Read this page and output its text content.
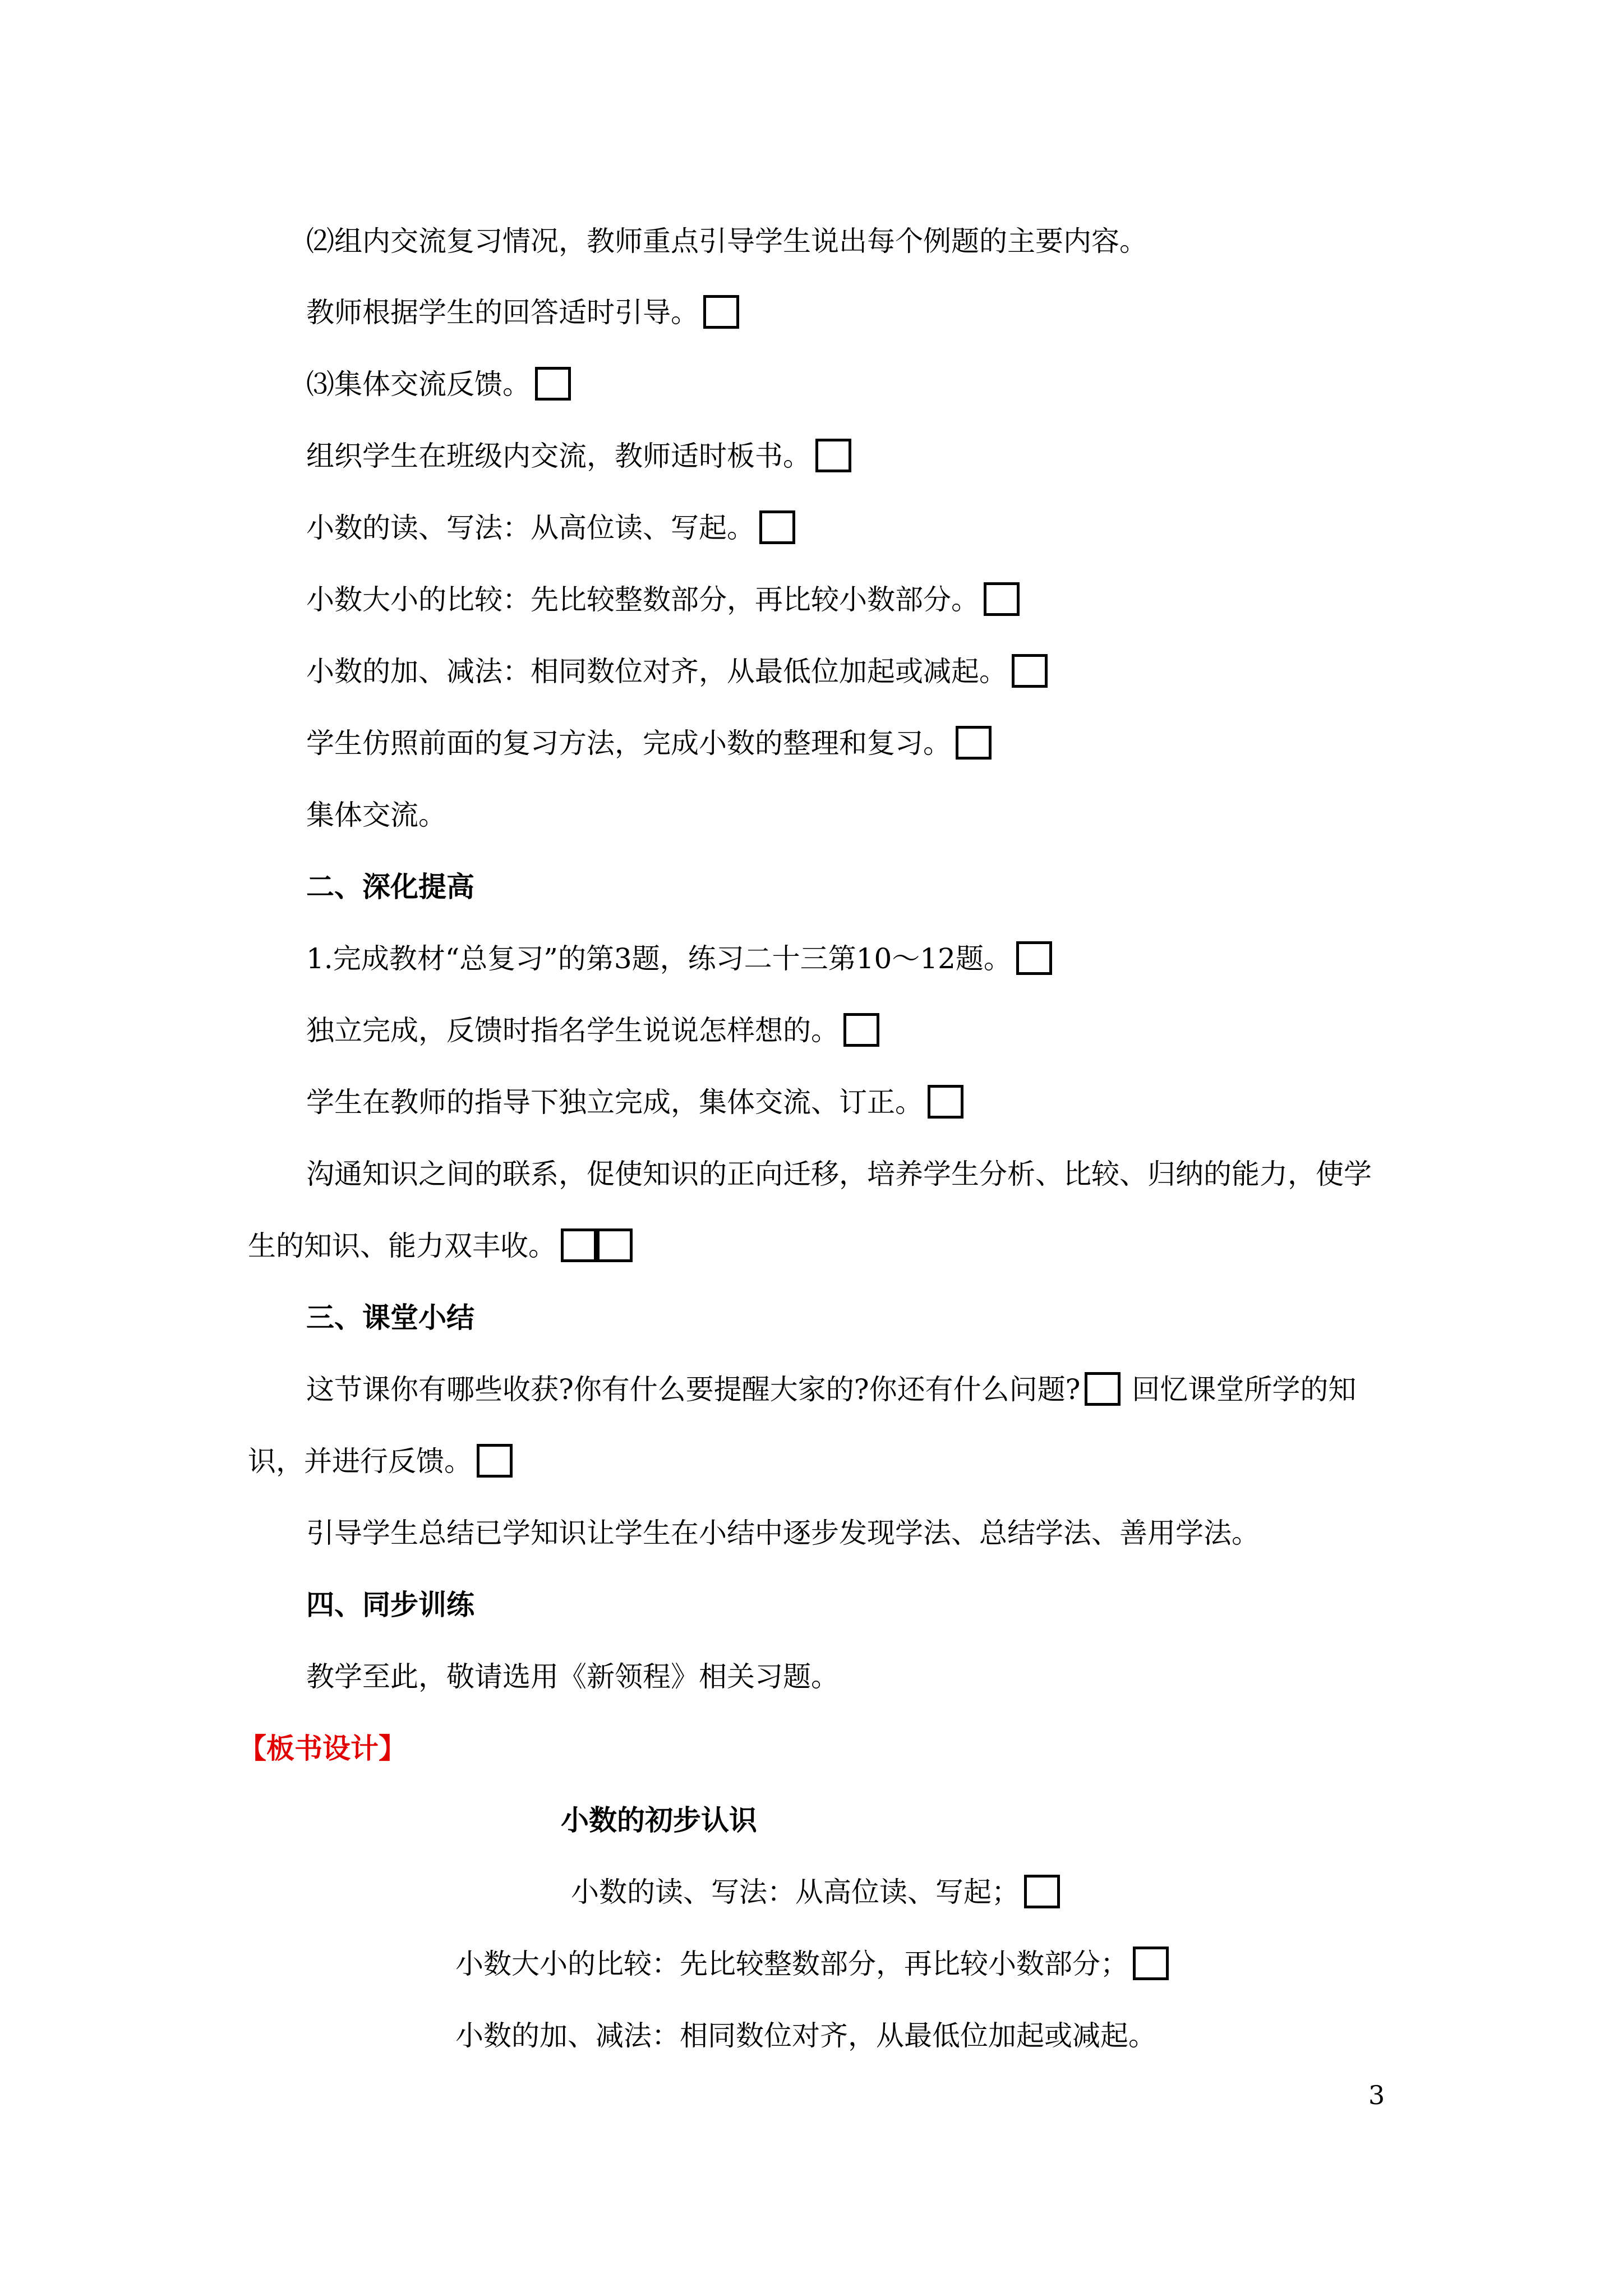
⑵组内交流复习情况，教师重点引导学生说出每个例题的主要内容。
教师根据学生的回答适时引导。
⑶集体交流反馈。
组织学生在班级内交流，教师适时板书。
小数的读、写法：从高位读、写起。
小数大小的比较：先比较整数部分，再比较小数部分。
小数的加、减法：相同数位对齐，从最低位加起或减起。
学生仿照前面的复习方法，完成小数的整理和复习。
集体交流。
二、深化提高
1.完成教材“总复习”的第3题，练习二十三第10～12题。
独立完成，反馈时指名学生说说怎样想的。
学生在教师的指导下独立完成，集体交流、订正。
沟通知识之间的联系，促使知识的正向迁移，培养学生分析、比较、归纳的能力，使学
生的知识、能力双丰收。
三、课堂小结
这节课你有哪些收获?你有什么要提醒大家的?你还有什么问题? 回忆课堂所学的知
识，并进行反馈。
引导学生总结已学知识让学生在小结中逐步发现学法、总结学法、善用学法。
四、同步训练
教学至此，敬请选用《新领程》相关习题。
【板书设计】
小数的初步认识
小数的读、写法：从高位读、写起；
小数大小的比较：先比较整数部分，再比较小数部分；
小数的加、减法：相同数位对齐，从最低位加起或减起。
3
